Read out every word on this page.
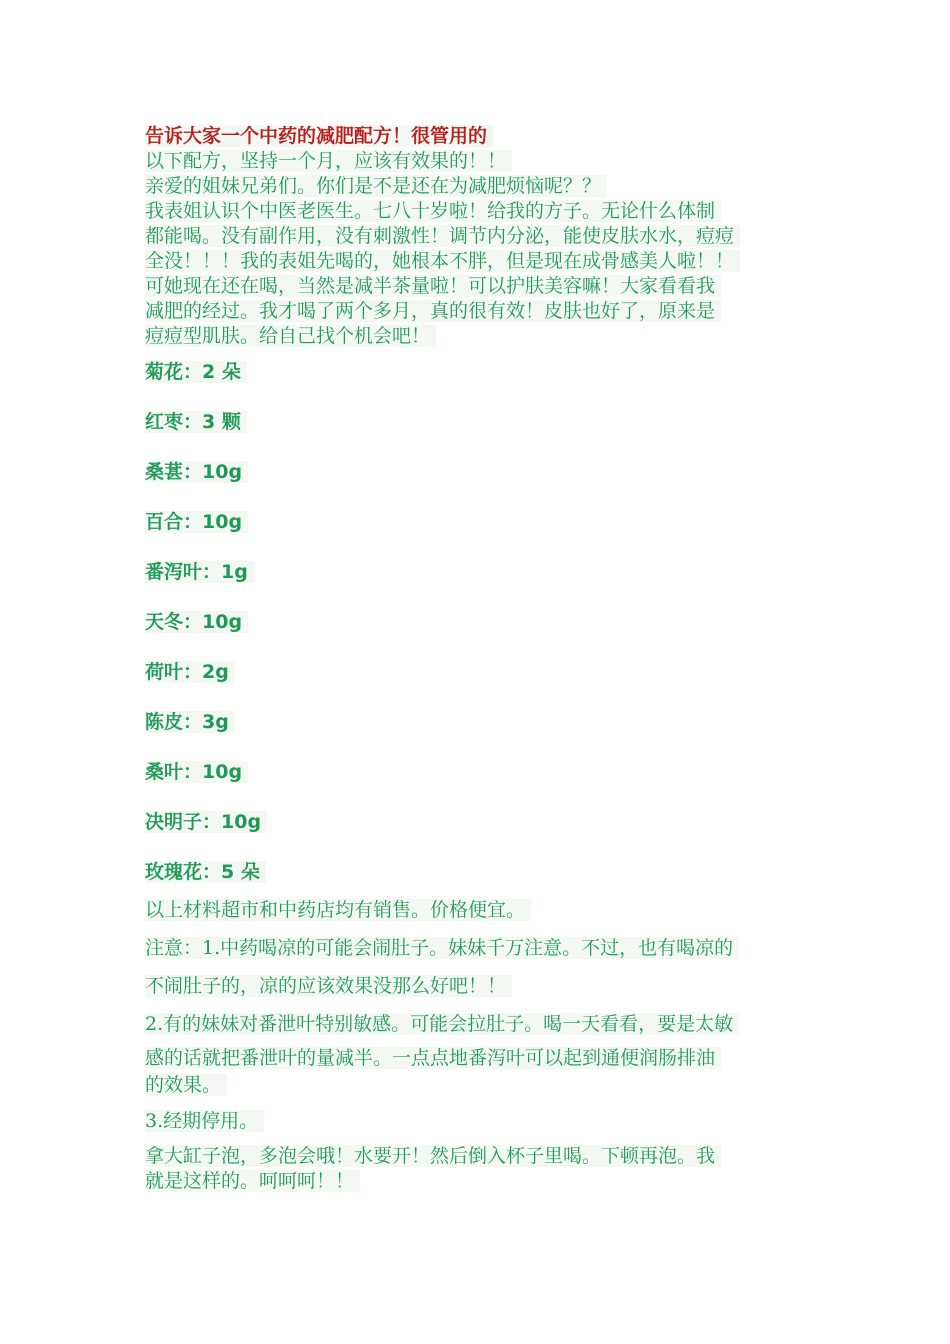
告诉大家一个中药的减肥配方！很管用的

以下配方，坚持一个月，应该有效果的！！

亲爱的姐妹兄弟们。你们是不是还在为减肥烦恼呢？？

我表姐认识个中医老医生。七八十岁啦！给我的方子。无论什么体制

都能喝。没有副作用，没有刺激性！调节内分泌，能使皮肤水水，痘痘

全没！！！我的表姐先喝的，她根本不胖，但是现在成骨感美人啦！！

可她现在还在喝，当然是减半茶量啦！可以护肤美容嘛！大家看看我

减肥的经过。我才喝了两个多月，真的很有效！皮肤也好了，原来是

痘痘型肌肤。给自己找个机会吧！

菊花：2 朵
红枣：3 颗
桑葚：10g
百合：10g
番泻叶：1g
天冬：10g
荷叶：2g
陈皮：3g
桑叶：10g
决明子：10g
玫瑰花：5 朵

以上材料超市和中药店均有销售。价格便宜。

注意：1.中药喝凉的可能会闹肚子。妹妹千万注意。不过，也有喝凉的
不闹肚子的，凉的应该效果没那么好吧！！
2.有的妹妹对番泄叶特别敏感。可能会拉肚子。喝一天看看，要是太敏
感的话就把番泄叶的量减半。一点点地番泻叶可以起到通便润肠排油
的效果。

3.经期停用。

拿大缸子泡，多泡会哦！水要开！然后倒入杯子里喝。下顿再泡。我
就是这样的。呵呵呵！！
